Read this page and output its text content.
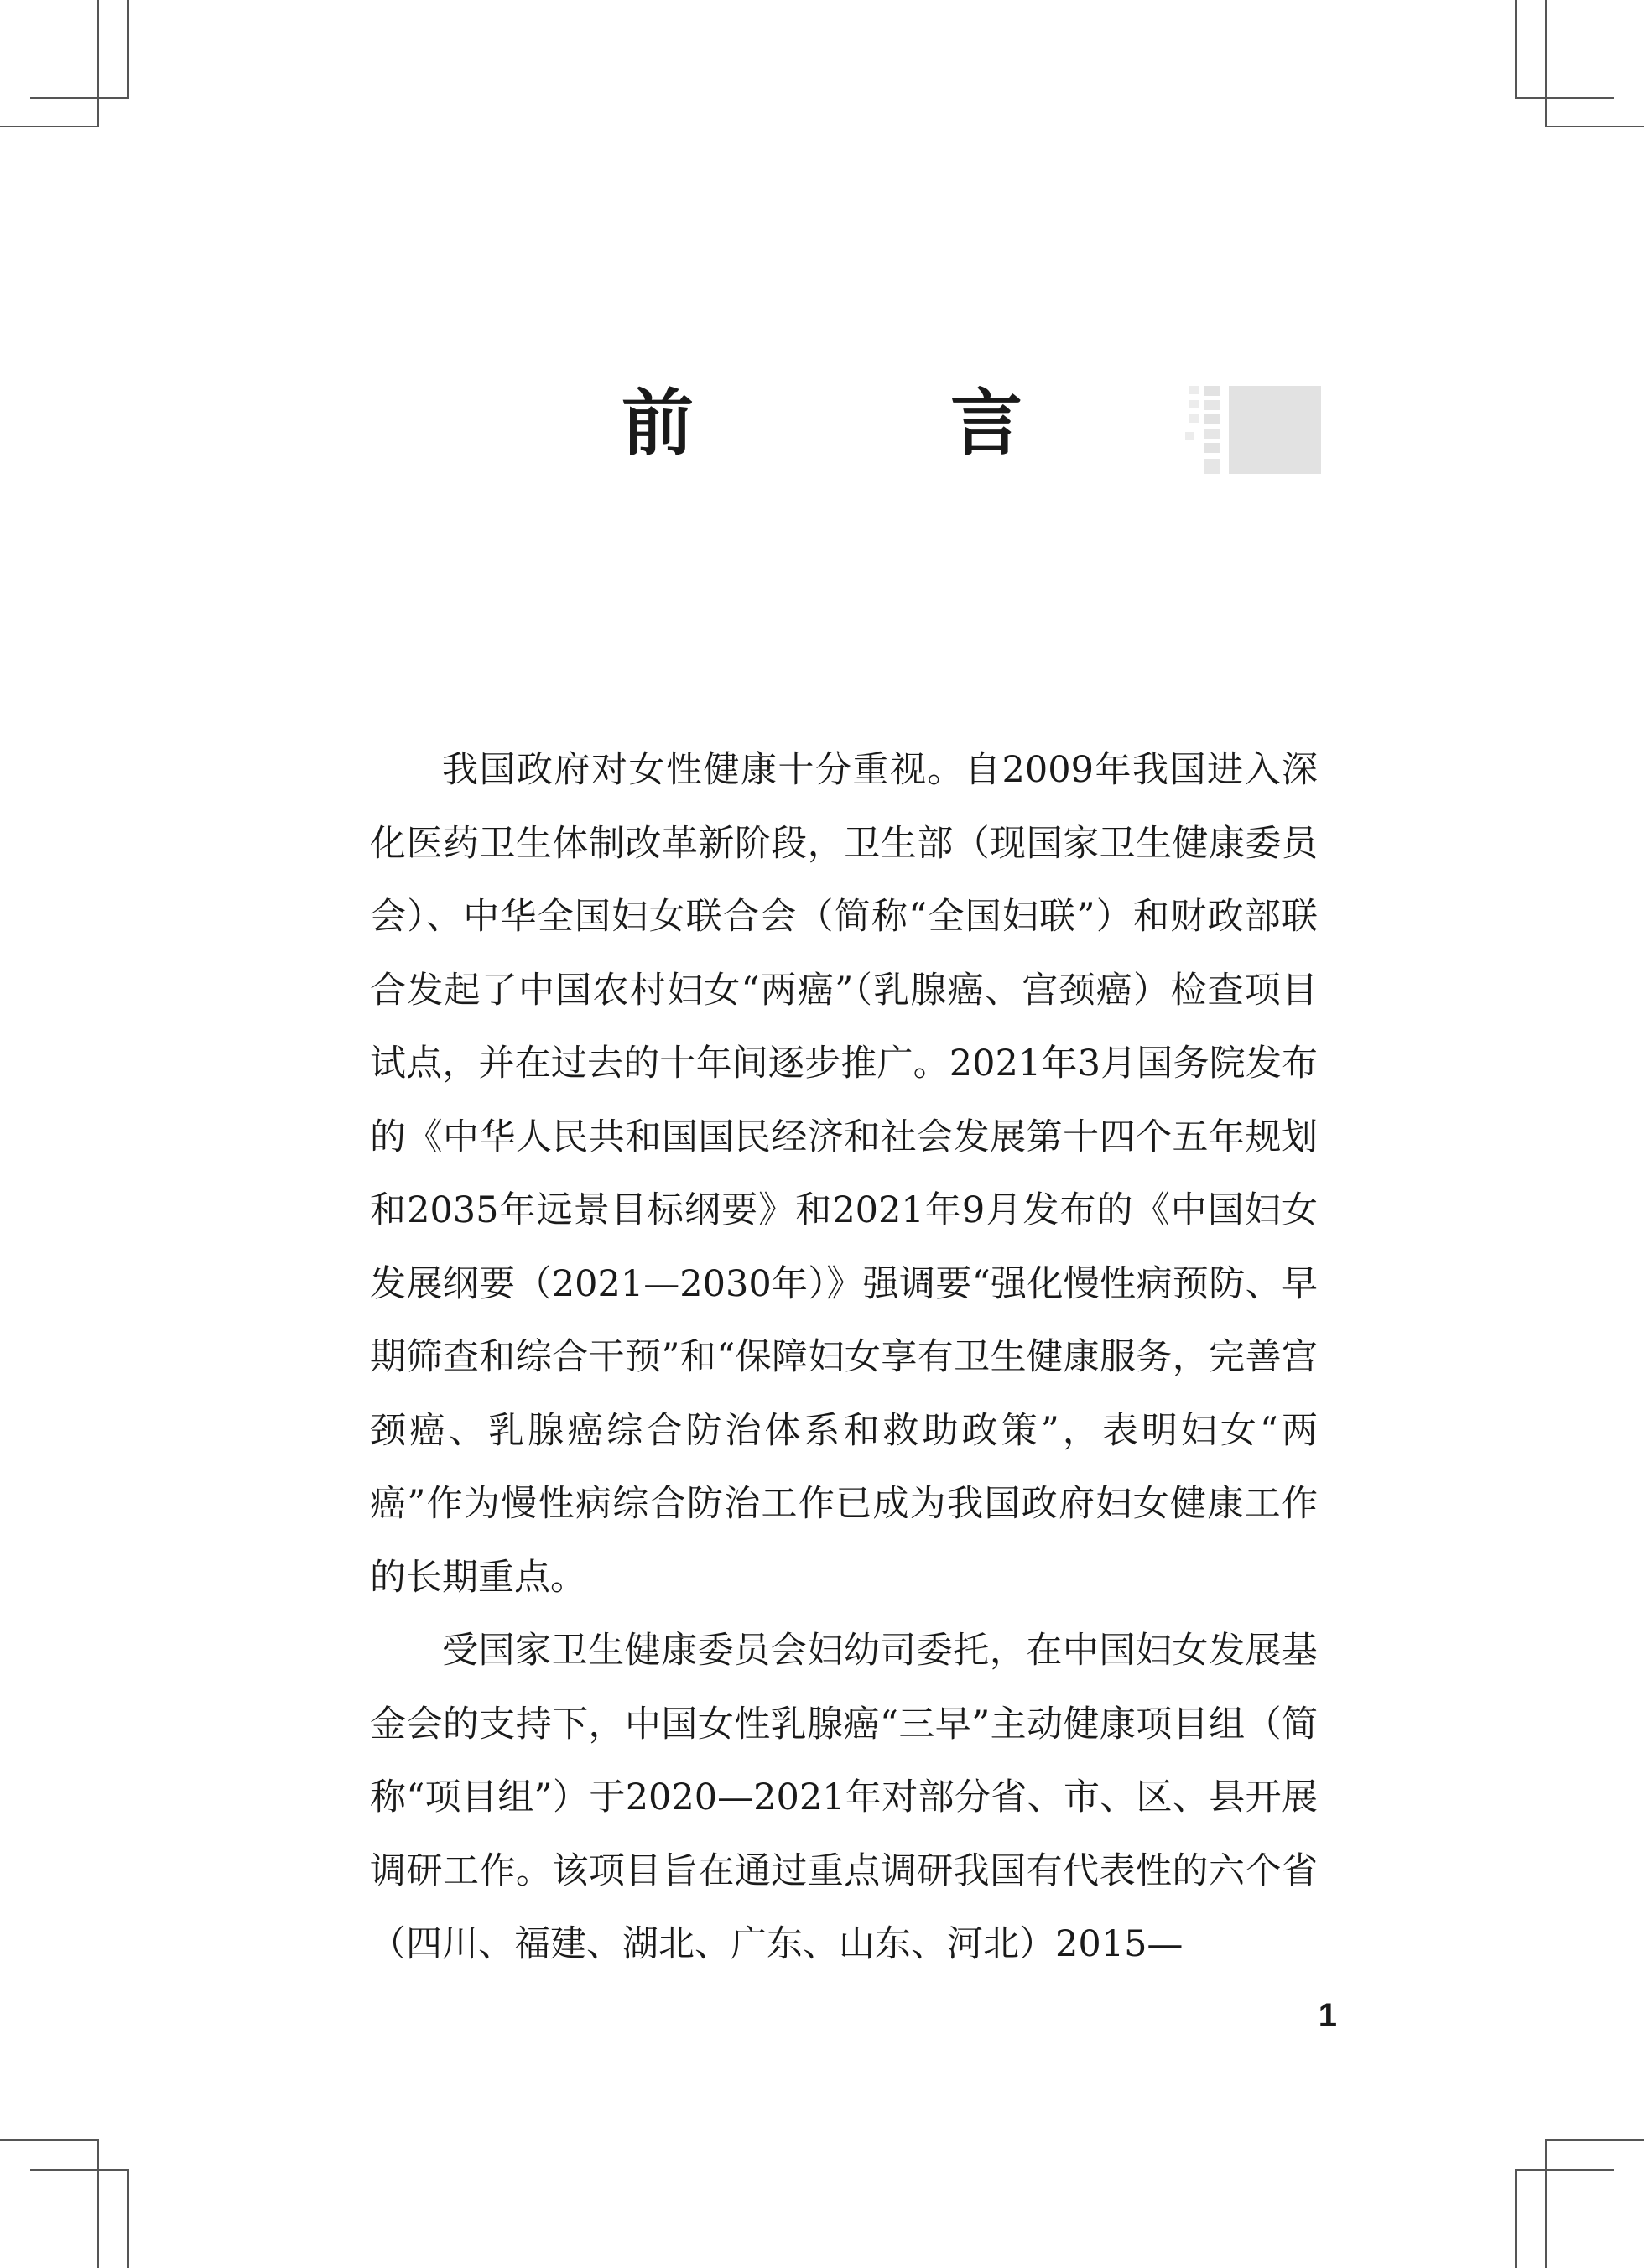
前　言

我国政府对女性健康十分重视。自2009年我国进入深化医药卫生体制改革新阶段，卫生部（现国家卫生健康委员会）、中华全国妇女联合会（简称“全国妇联”）和财政部联合发起了中国农村妇女“两癌”（乳腺癌、宫颈癌）检查项目试点，并在过去的十年间逐步推广。2021年3月国务院发布的《中华人民共和国国民经济和社会发展第十四个五年规划和2035年远景目标纲要》和2021年9月发布的《中国妇女发展纲要（2021—2030年）》强调要“强化慢性病预防、早期筛查和综合干预”和“保障妇女享有卫生健康服务，完善宫颈癌、乳腺癌综合防治体系和救助政策”，表明妇女“两癌”作为慢性病综合防治工作已成为我国政府妇女健康工作的长期重点。

受国家卫生健康委员会妇幼司委托，在中国妇女发展基金会的支持下，中国女性乳腺癌“三早”主动健康项目组（简称“项目组”）于2020—2021年对部分省、市、区、县开展调研工作。该项目旨在通过重点调研我国有代表性的六个省（四川、福建、湖北、广东、山东、河北）2015—

1
